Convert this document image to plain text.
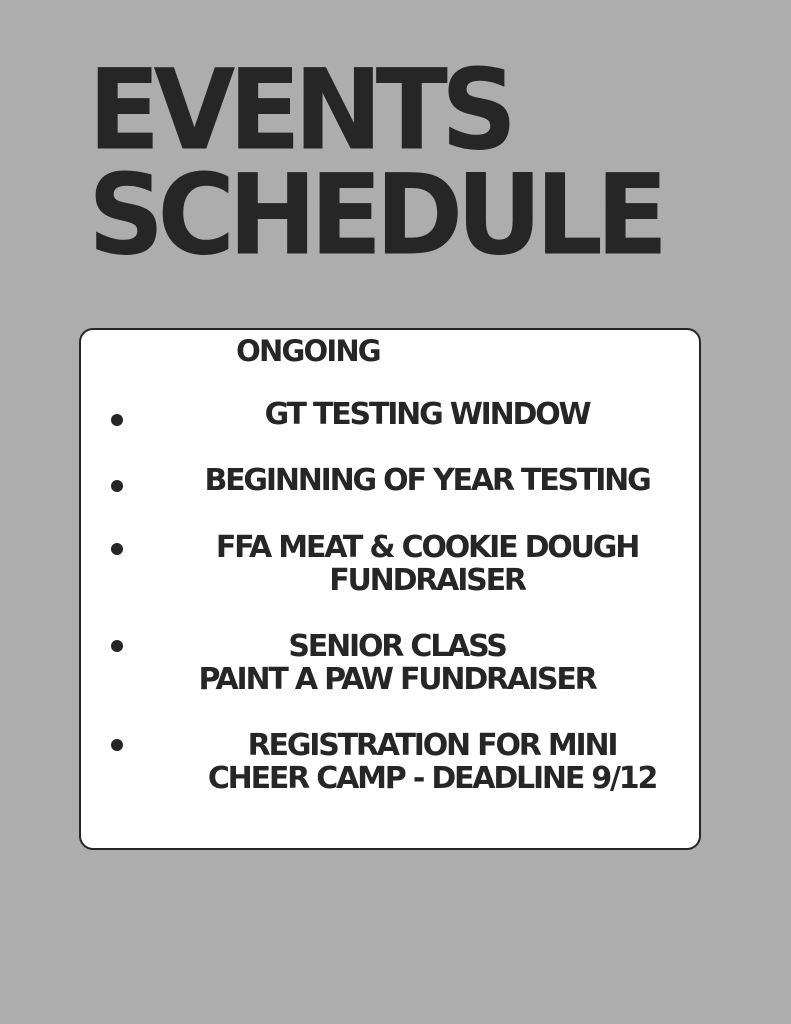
EVENTS
SCHEDULE
ONGOING
GT TESTING WINDOW
BEGINNING OF YEAR TESTING
FFA MEAT & COOKIE DOUGH
FUNDRAISER
SENIOR CLASS
PAINT A PAW FUNDRAISER
REGISTRATION FOR MINI
CHEER CAMP - DEADLINE 9/12
